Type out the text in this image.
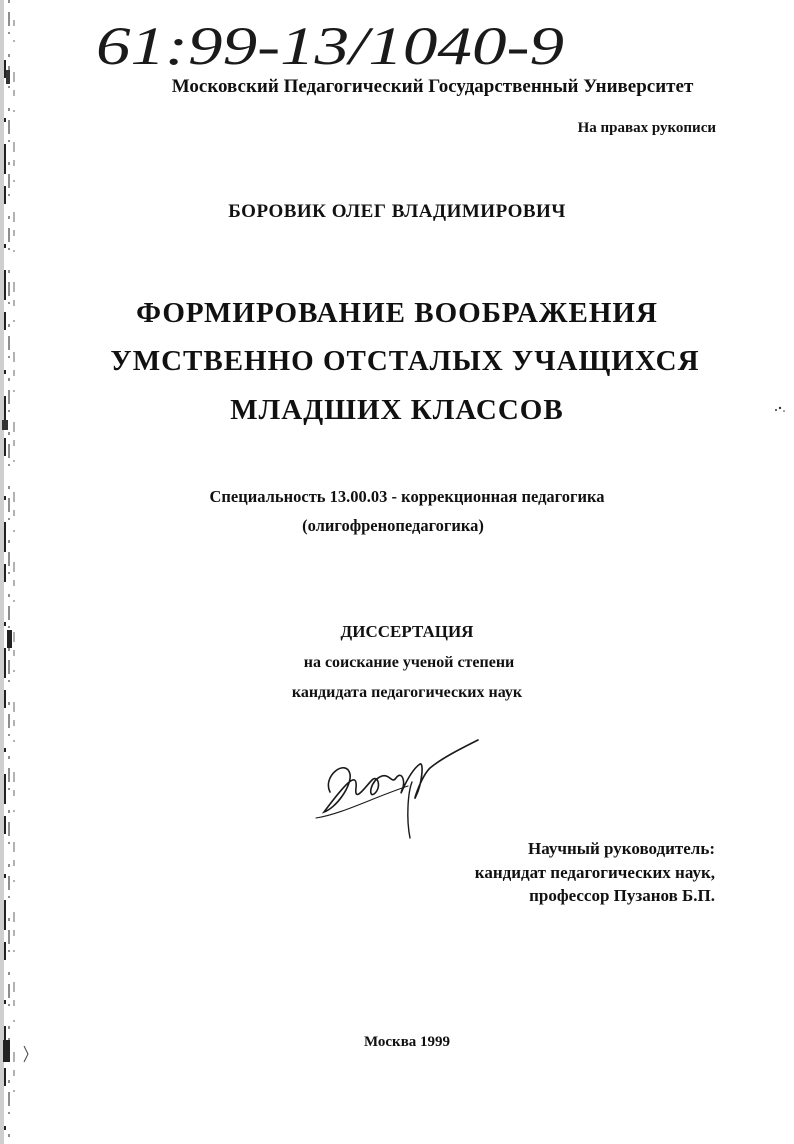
61:99-13/1040-9

Московский Педагогический Государственный Университет

На правах рукописи

БОРОВИК ОЛЕГ ВЛАДИМИРОВИЧ

ФОРМИРОВАНИЕ ВООБРАЖЕНИЯ

УМСТВЕННО ОТСТАЛЫХ УЧАЩИХСЯ

МЛАДШИХ КЛАССОВ

Специальность 13.00.03 - коррекционная педагогика

(олигофренопедагогика)

ДИССЕРТАЦИЯ

на соискание ученой степени

кандидата педагогических наук

Научный руководитель:

кандидат педагогических наук,

профессор Пузанов Б.П.

Москва 1999
